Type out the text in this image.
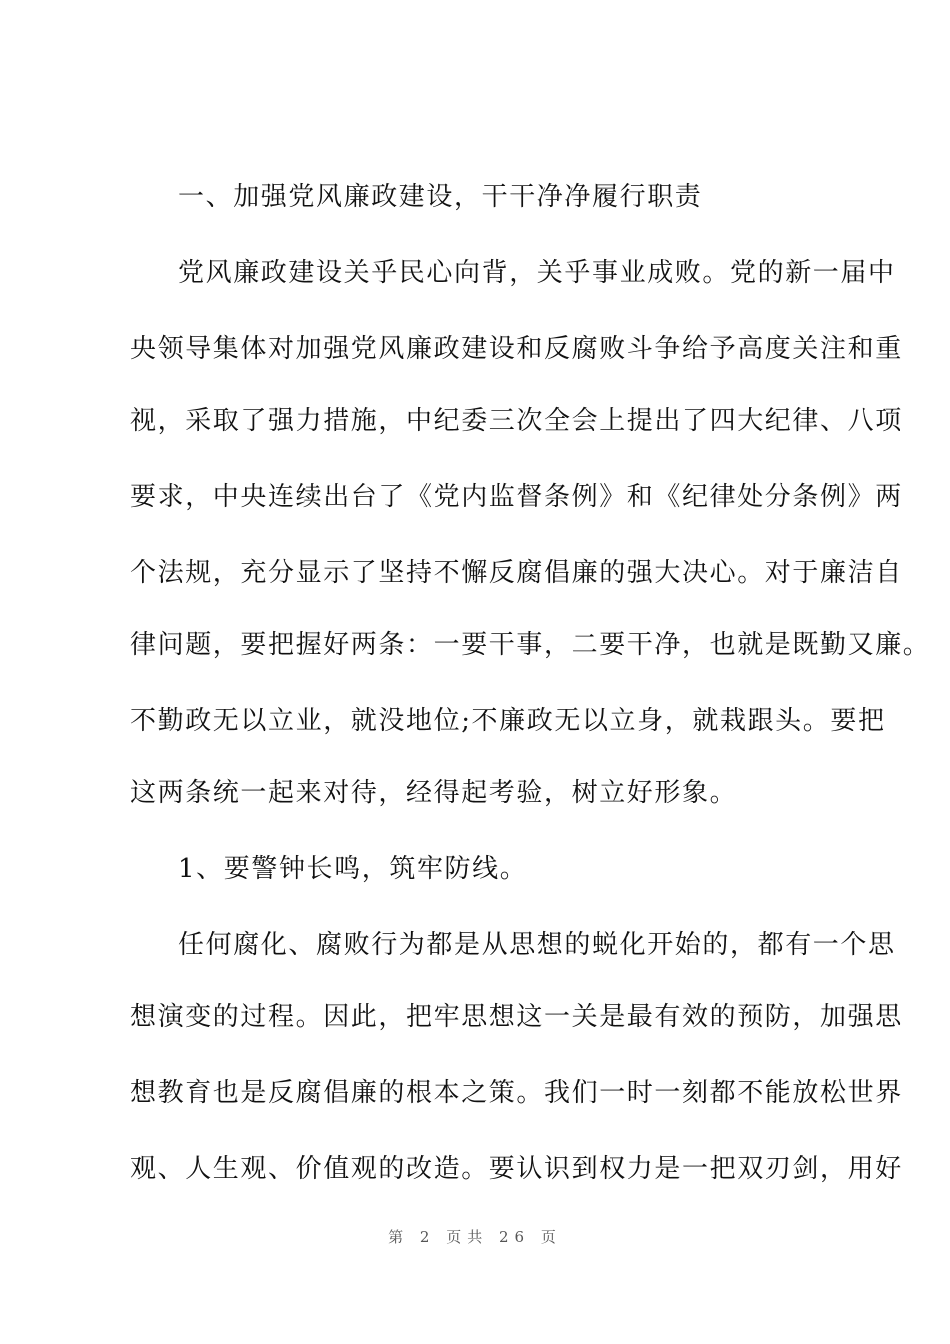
一、加强党风廉政建设，干干净净履行职责
党风廉政建设关乎民心向背，关乎事业成败。党的新一届中
央领导集体对加强党风廉政建设和反腐败斗争给予高度关注和重
视，采取了强力措施，中纪委三次全会上提出了四大纪律、八项
要求，中央连续出台了《党内监督条例》和《纪律处分条例》两
个法规，充分显示了坚持不懈反腐倡廉的强大决心。对于廉洁自
律问题，要把握好两条：一要干事，二要干净，也就是既勤又廉。
不勤政无以立业，就没地位;不廉政无以立身，就栽跟头。要把
这两条统一起来对待，经得起考验，树立好形象。
1、要警钟长鸣，筑牢防线。
任何腐化、腐败行为都是从思想的蜕化开始的，都有一个思
想演变的过程。因此，把牢思想这一关是最有效的预防，加强思
想教育也是反腐倡廉的根本之策。我们一时一刻都不能放松世界
观、人生观、价值观的改造。要认识到权力是一把双刃剑，用好
第 2 页共 26 页
